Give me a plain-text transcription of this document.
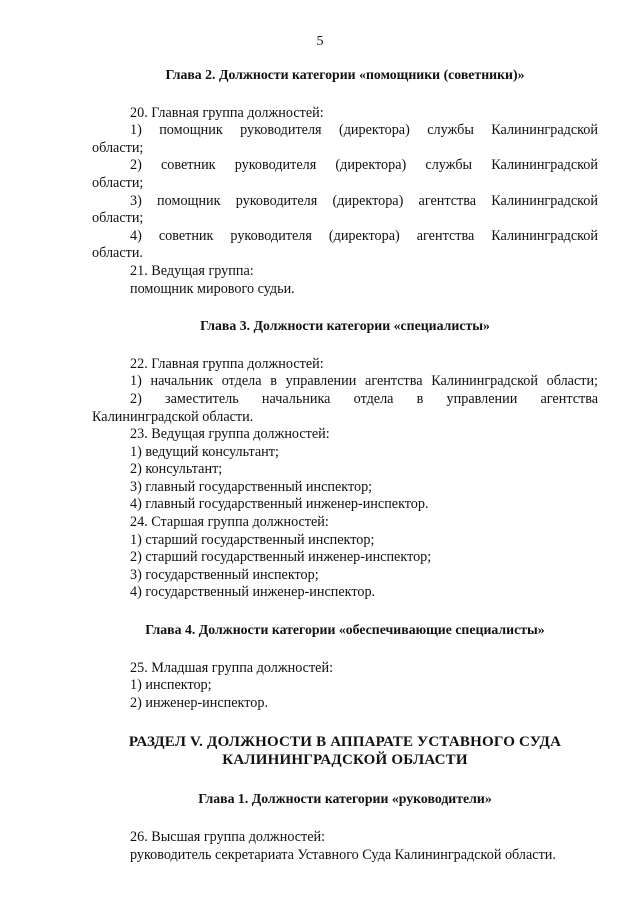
5

Глава 2. Должности категории «помощники (советники)»

20. Главная группа должностей:

1) помощник руководителя (директора) службы Калининградской

области;

2) советник руководителя (директора) службы Калининградской

области;

3) помощник руководителя (директора) агентства Калининградской

области;

4) советник руководителя (директора) агентства Калининградской

области.

21. Ведущая группа:

помощник мирового судьи.

Глава 3. Должности категории «специалисты»

22. Главная группа должностей:

1) начальник отдела в управлении агентства Калининградской области;

2) заместитель начальника отдела в управлении агентства

Калининградской области.

23. Ведущая группа должностей:

1) ведущий консультант;

2) консультант;

3) главный государственный инспектор;

4) главный государственный инженер-инспектор.

24. Старшая группа должностей:

1) старший государственный инспектор;

2) старший государственный инженер-инспектор;

3) государственный инспектор;

4) государственный инженер-инспектор.

Глава 4. Должности категории «обеспечивающие специалисты»

25. Младшая группа должностей:

1) инспектор;

2) инженер-инспектор.

РАЗДЕЛ V. ДОЛЖНОСТИ В АППАРАТЕ УСТАВНОГО СУДА

КАЛИНИНГРАДСКОЙ ОБЛАСТИ

Глава 1. Должности категории «руководители»

26. Высшая группа должностей:

руководитель секретариата Уставного Суда Калининградской области.
